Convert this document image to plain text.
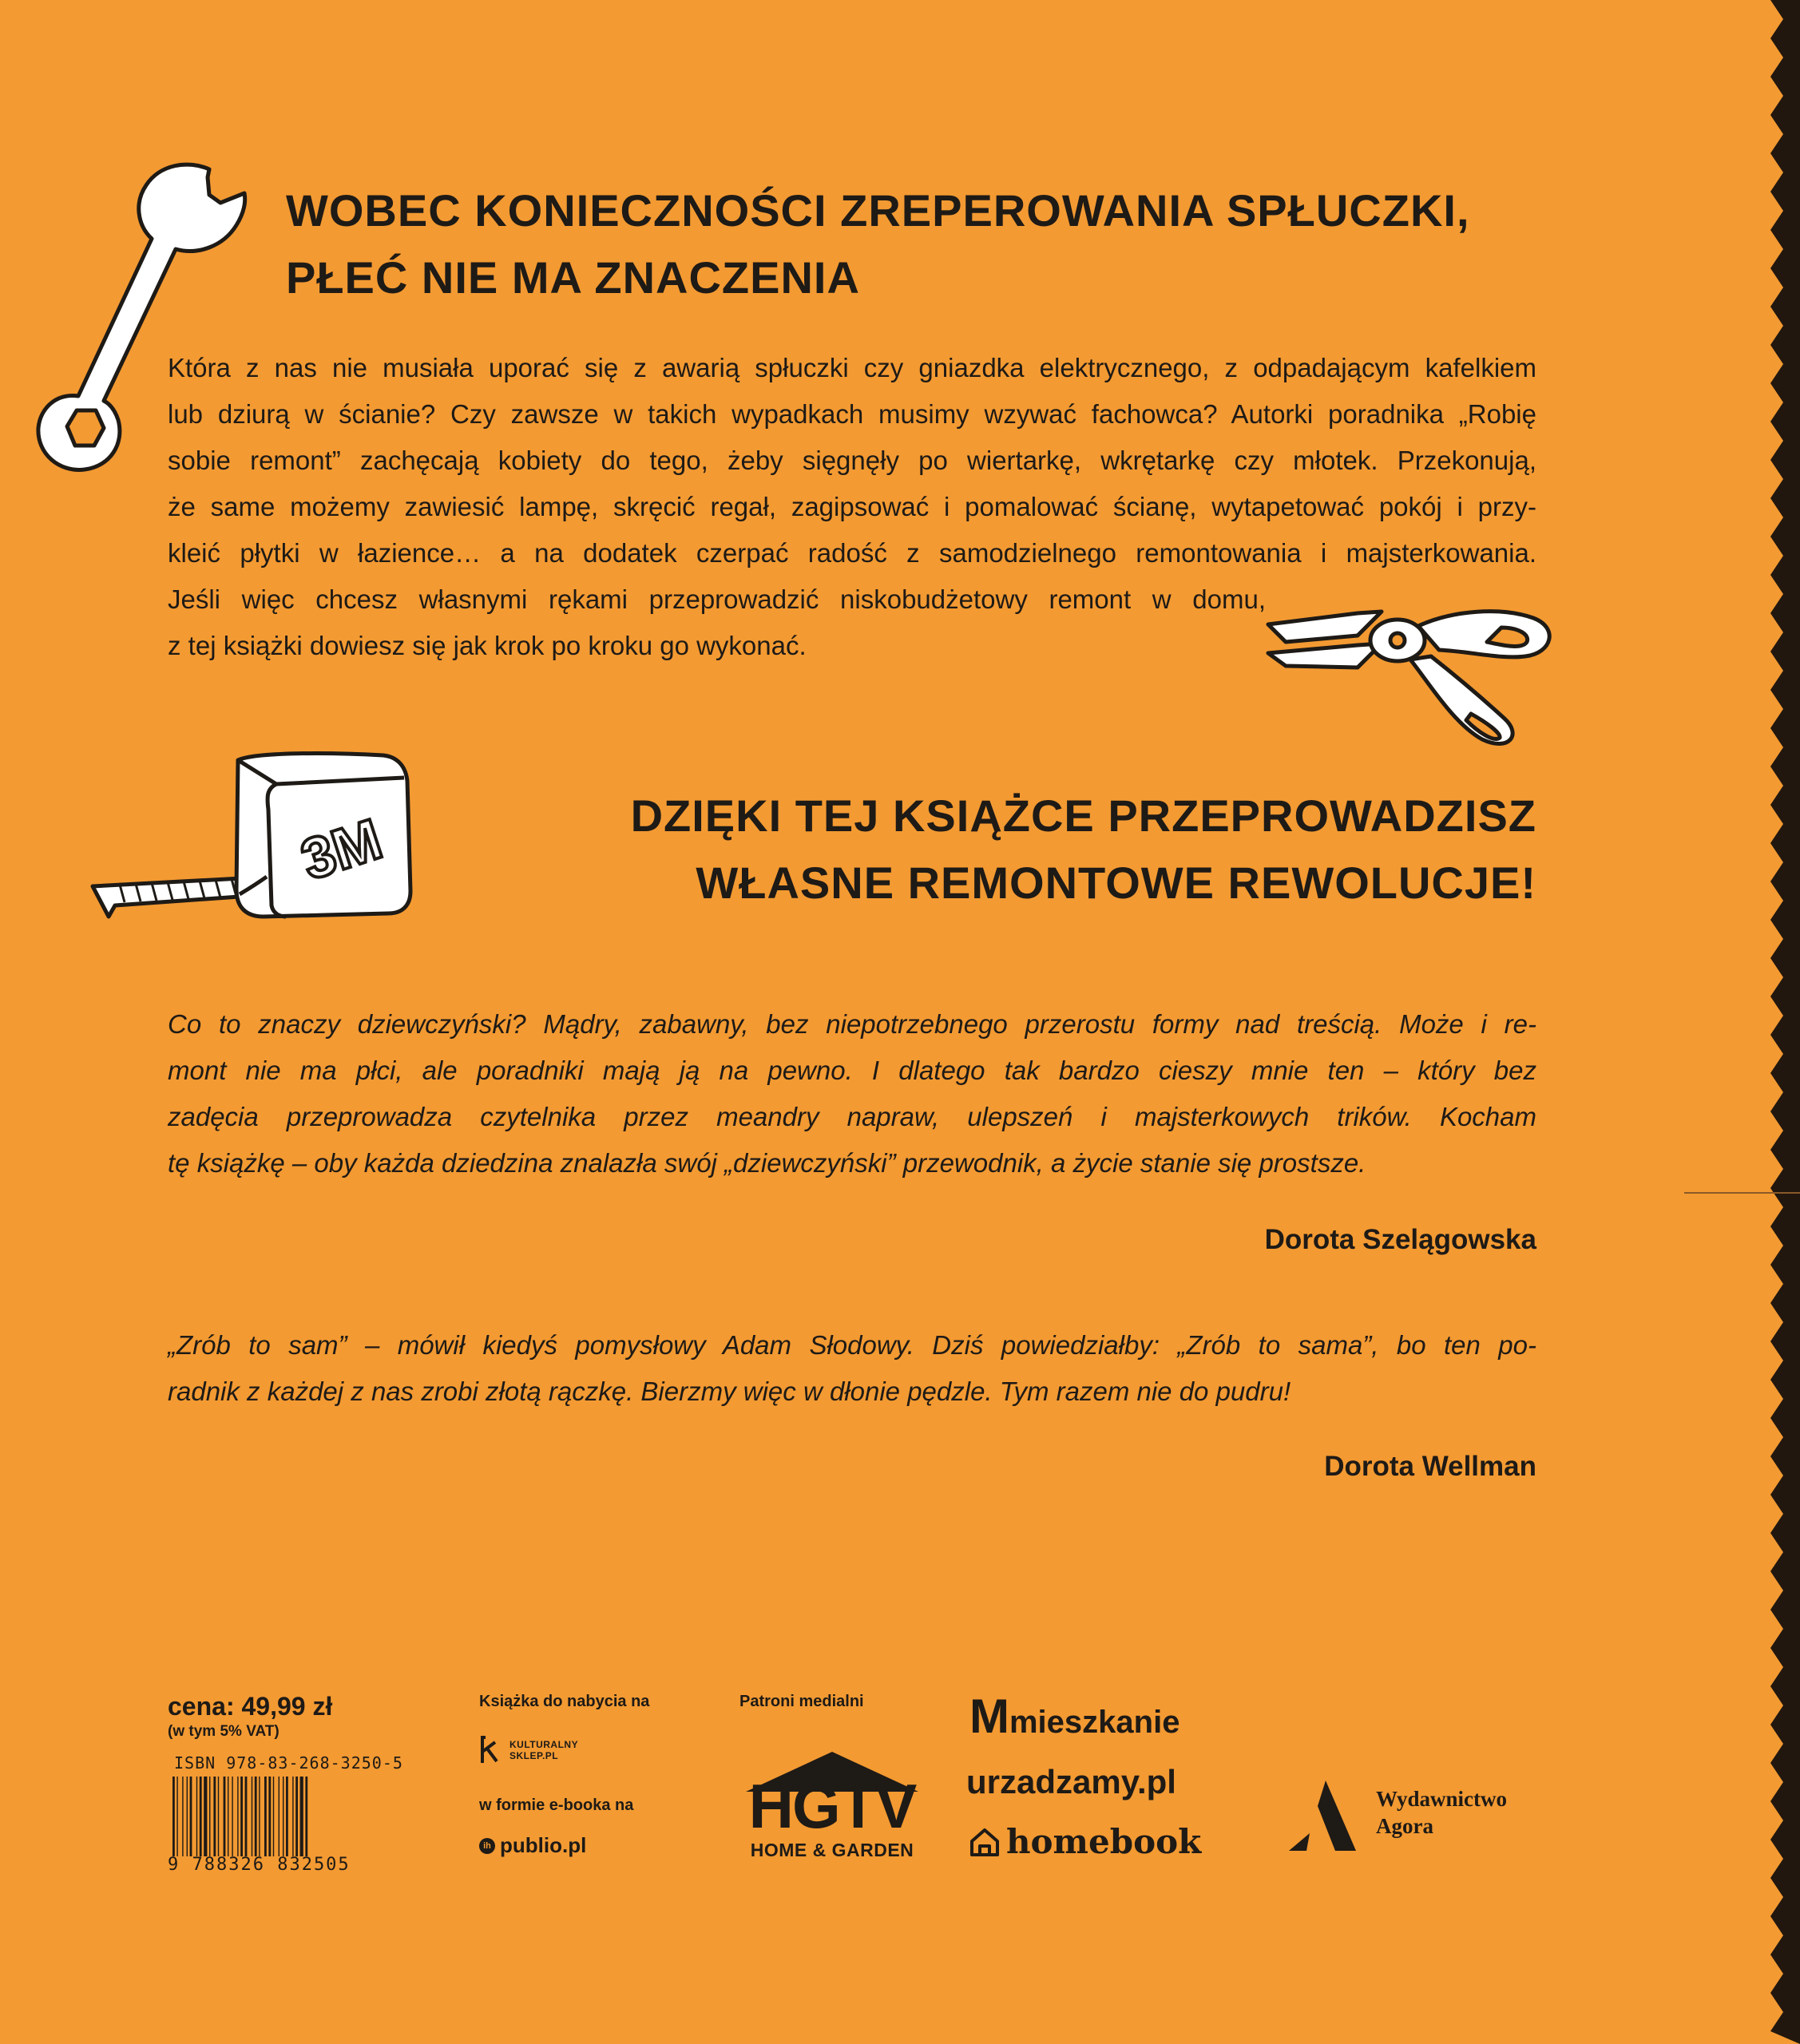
3M
WOBEC KONIECZNOŚCI ZREPEROWANIA SPŁUCZKI,
PŁEĆ NIE MA ZNACZENIA
Która z nas nie musiała uporać się z awarią spłuczki czy gniazdka elektrycznego, z odpadającym kafelkiem
lub dziurą w ścianie? Czy zawsze w takich wypadkach musimy wzywać fachowca? Autorki poradnika „Robię
sobie remont” zachęcają kobiety do tego, żeby sięgnęły po wiertarkę, wkrętarkę czy młotek. Przekonują,
że same możemy zawiesić lampę, skręcić regał, zagipsować i pomalować ścianę, wytapetować pokój i przy-
kleić płytki w łazience… a na dodatek czerpać radość z samodzielnego remontowania i majsterkowania.
Jeśli więc chcesz własnymi rękami przeprowadzić niskobudżetowy remont w domu,
z tej książki dowiesz się jak krok po kroku go wykonać.
DZIĘKI TEJ KSIĄŻCE PRZEPROWADZISZ
WŁASNE REMONTOWE REWOLUCJE!
Co to znaczy dziewczyński? Mądry, zabawny, bez niepotrzebnego przerostu formy nad treścią. Może i re-
mont nie ma płci, ale poradniki mają ją na pewno. I dlatego tak bardzo cieszy mnie ten – który bez
zadęcia przeprowadza czytelnika przez meandry napraw, ulepszeń i majsterkowych trików. Kocham
tę książkę – oby każda dziedzina znalazła swój „dziewczyński” przewodnik, a życie stanie się prostsze.

Dorota Szelągowska

„Zrób to sam” – mówił kiedyś pomysłowy Adam Słodowy. Dziś powiedziałby: „Zrób to sama”, bo ten po-
radnik z każdej z nas zrobi złotą rączkę. Bierzmy więc w dłonie pędzle. Tym razem nie do pudru!

Dorota Wellman

cena: 49,99 zł
(w tym 5% VAT)
ISBN 978-83-268-3250-5
9 788326 832505
Książka do nabycia na
KULTURALNY
SKLEP.PL
w formie e-booka na
ih publio.pl
Patroni medialni
HGTV
HOME & GARDEN
M mieszkanie
urzadzamy.pl
homebook
Wydawnictwo
Agora
